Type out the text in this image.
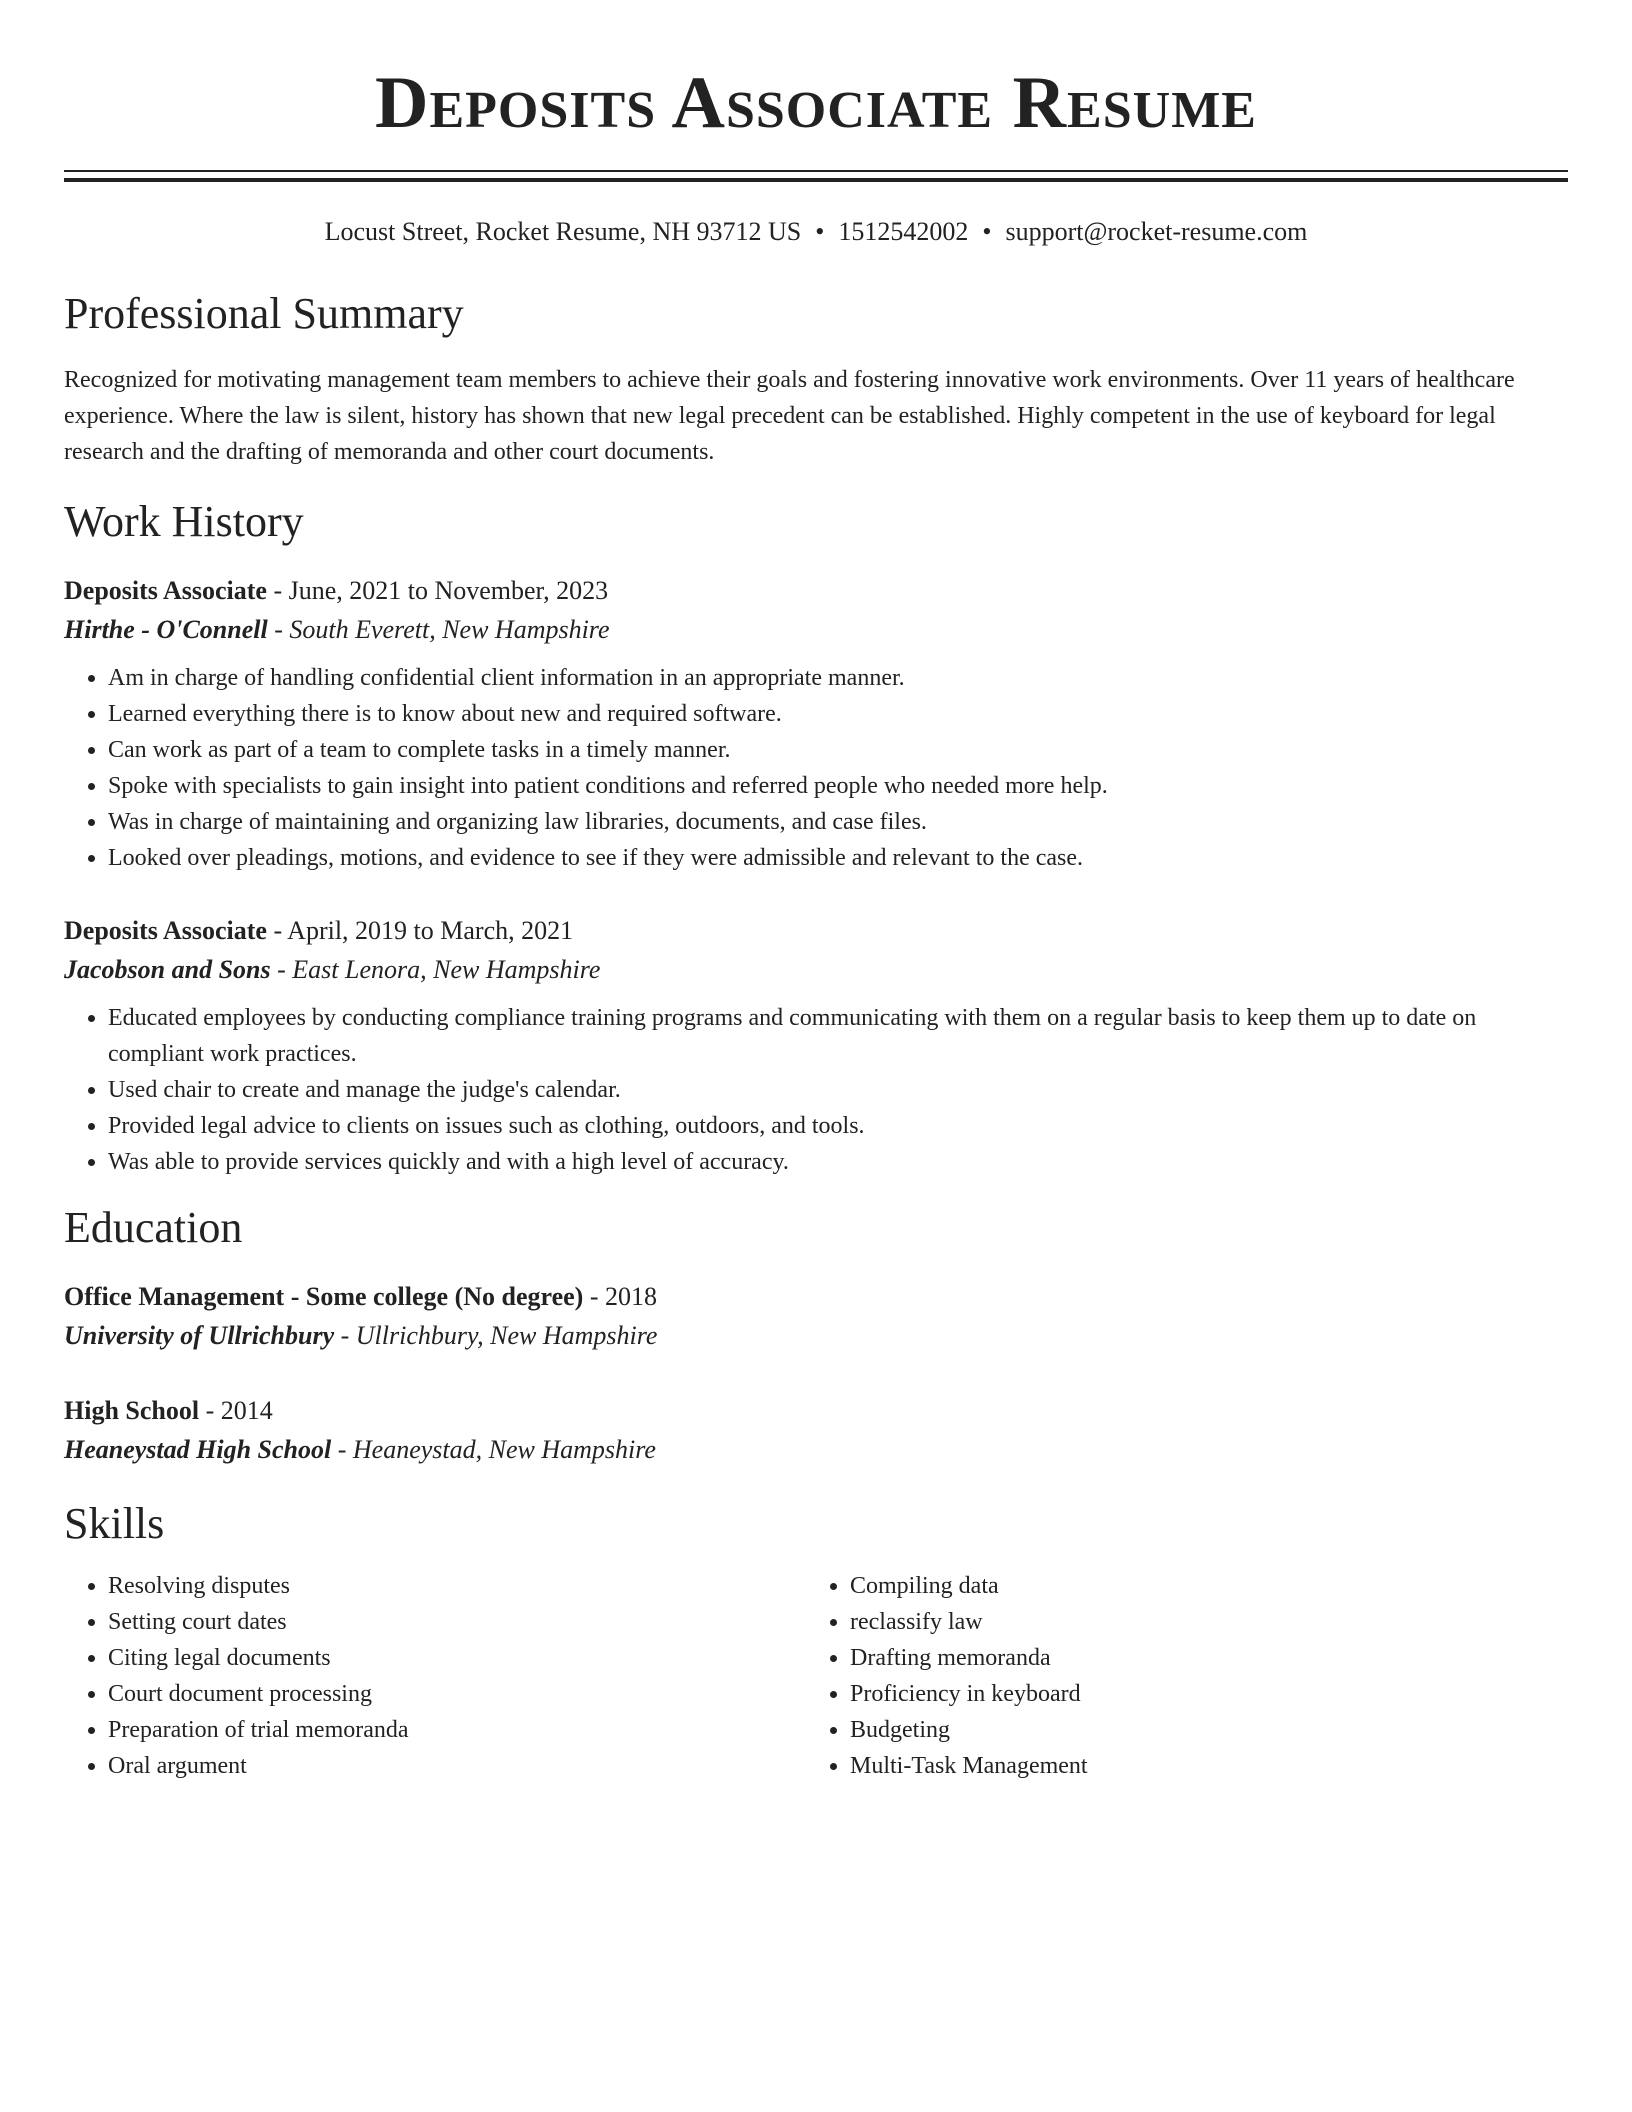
Deposits Associate Resume
Locust Street, Rocket Resume, NH 93712 US • 1512542002 • support@rocket-resume.com
Professional Summary

Recognized for motivating management team members to achieve their goals and fostering innovative work environments. Over 11 years of healthcare experience. Where the law is silent, history has shown that new legal precedent can be established. Highly competent in the use of keyboard for legal research and the drafting of memoranda and other court documents.

Work History
Deposits Associate - June, 2021 to November, 2023
Hirthe - O'Connell - South Everett, New Hampshire
• Am in charge of handling confidential client information in an appropriate manner.
• Learned everything there is to know about new and required software.
• Can work as part of a team to complete tasks in a timely manner.
• Spoke with specialists to gain insight into patient conditions and referred people who needed more help.
• Was in charge of maintaining and organizing law libraries, documents, and case files.
• Looked over pleadings, motions, and evidence to see if they were admissible and relevant to the case.
Deposits Associate - April, 2019 to March, 2021
Jacobson and Sons - East Lenora, New Hampshire
• Educated employees by conducting compliance training programs and communicating with them on a regular basis to keep them up to date on compliant work practices.
• Used chair to create and manage the judge's calendar.
• Provided legal advice to clients on issues such as clothing, outdoors, and tools.
• Was able to provide services quickly and with a high level of accuracy.
Education
Office Management - Some college (No degree) - 2018
University of Ullrichbury - Ullrichbury, New Hampshire
High School - 2014
Heaneystad High School - Heaneystad, New Hampshire
Skills
• Resolving disputes
• Setting court dates
• Citing legal documents
• Court document processing
• Preparation of trial memoranda
• Oral argument
• Compiling data
• reclassify law
• Drafting memoranda
• Proficiency in keyboard
• Budgeting
• Multi-Task Management
